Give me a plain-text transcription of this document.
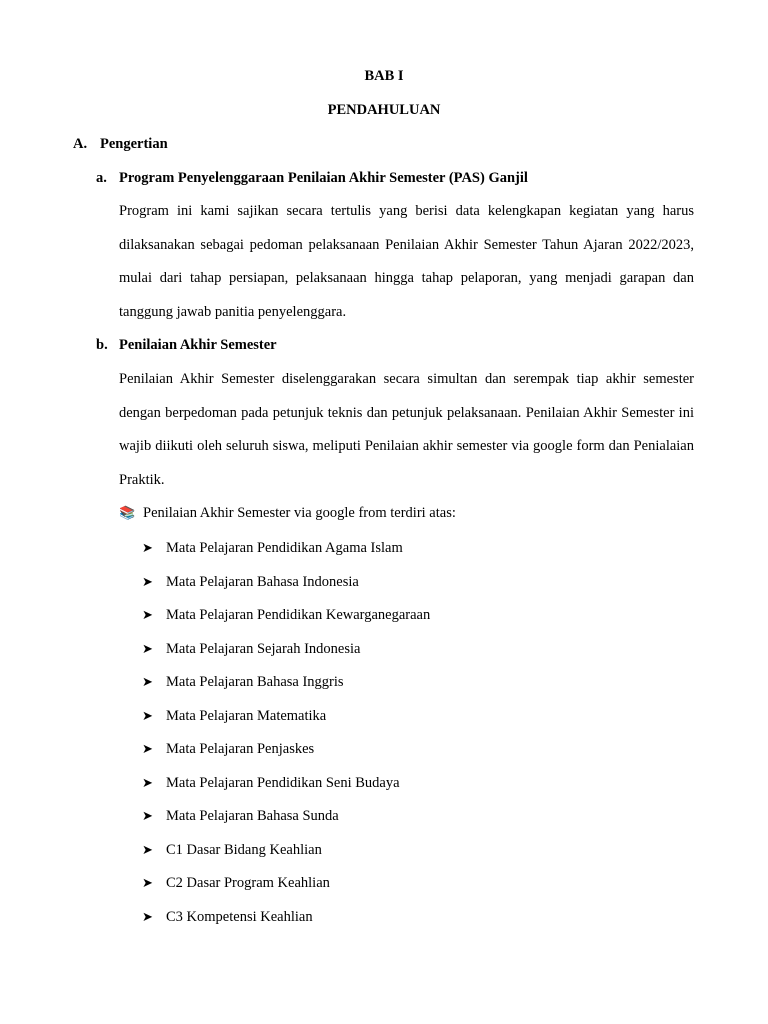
BAB I
PENDAHULUAN
A. Pengertian
a. Program Penyelenggaraan Penilaian Akhir Semester (PAS) Ganjil
Program ini kami sajikan secara tertulis yang berisi data kelengkapan kegiatan yang harus dilaksanakan sebagai pedoman pelaksanaan Penilaian Akhir Semester Tahun Ajaran 2022/2023, mulai dari tahap persiapan, pelaksanaan hingga tahap pelaporan, yang menjadi garapan dan tanggung jawab panitia penyelenggara.
b. Penilaian Akhir Semester
Penilaian Akhir Semester diselenggarakan secara simultan dan serempak tiap akhir semester dengan berpedoman pada petunjuk teknis dan petunjuk pelaksanaan. Penilaian Akhir Semester ini wajib diikuti oleh seluruh siswa, meliputi Penilaian akhir semester via google form dan Penialaian Praktik.
📚 Penilaian Akhir Semester via google from terdiri atas:
➤ Mata Pelajaran Pendidikan Agama Islam
➤ Mata Pelajaran Bahasa Indonesia
➤ Mata Pelajaran Pendidikan Kewarganegaraan
➤ Mata Pelajaran Sejarah Indonesia
➤ Mata Pelajaran Bahasa Inggris
➤ Mata Pelajaran Matematika
➤ Mata Pelajaran Penjaskes
➤ Mata Pelajaran Pendidikan Seni Budaya
➤ Mata Pelajaran Bahasa Sunda
➤ C1 Dasar Bidang Keahlian
➤ C2 Dasar Program Keahlian
➤ C3 Kompetensi Keahlian
